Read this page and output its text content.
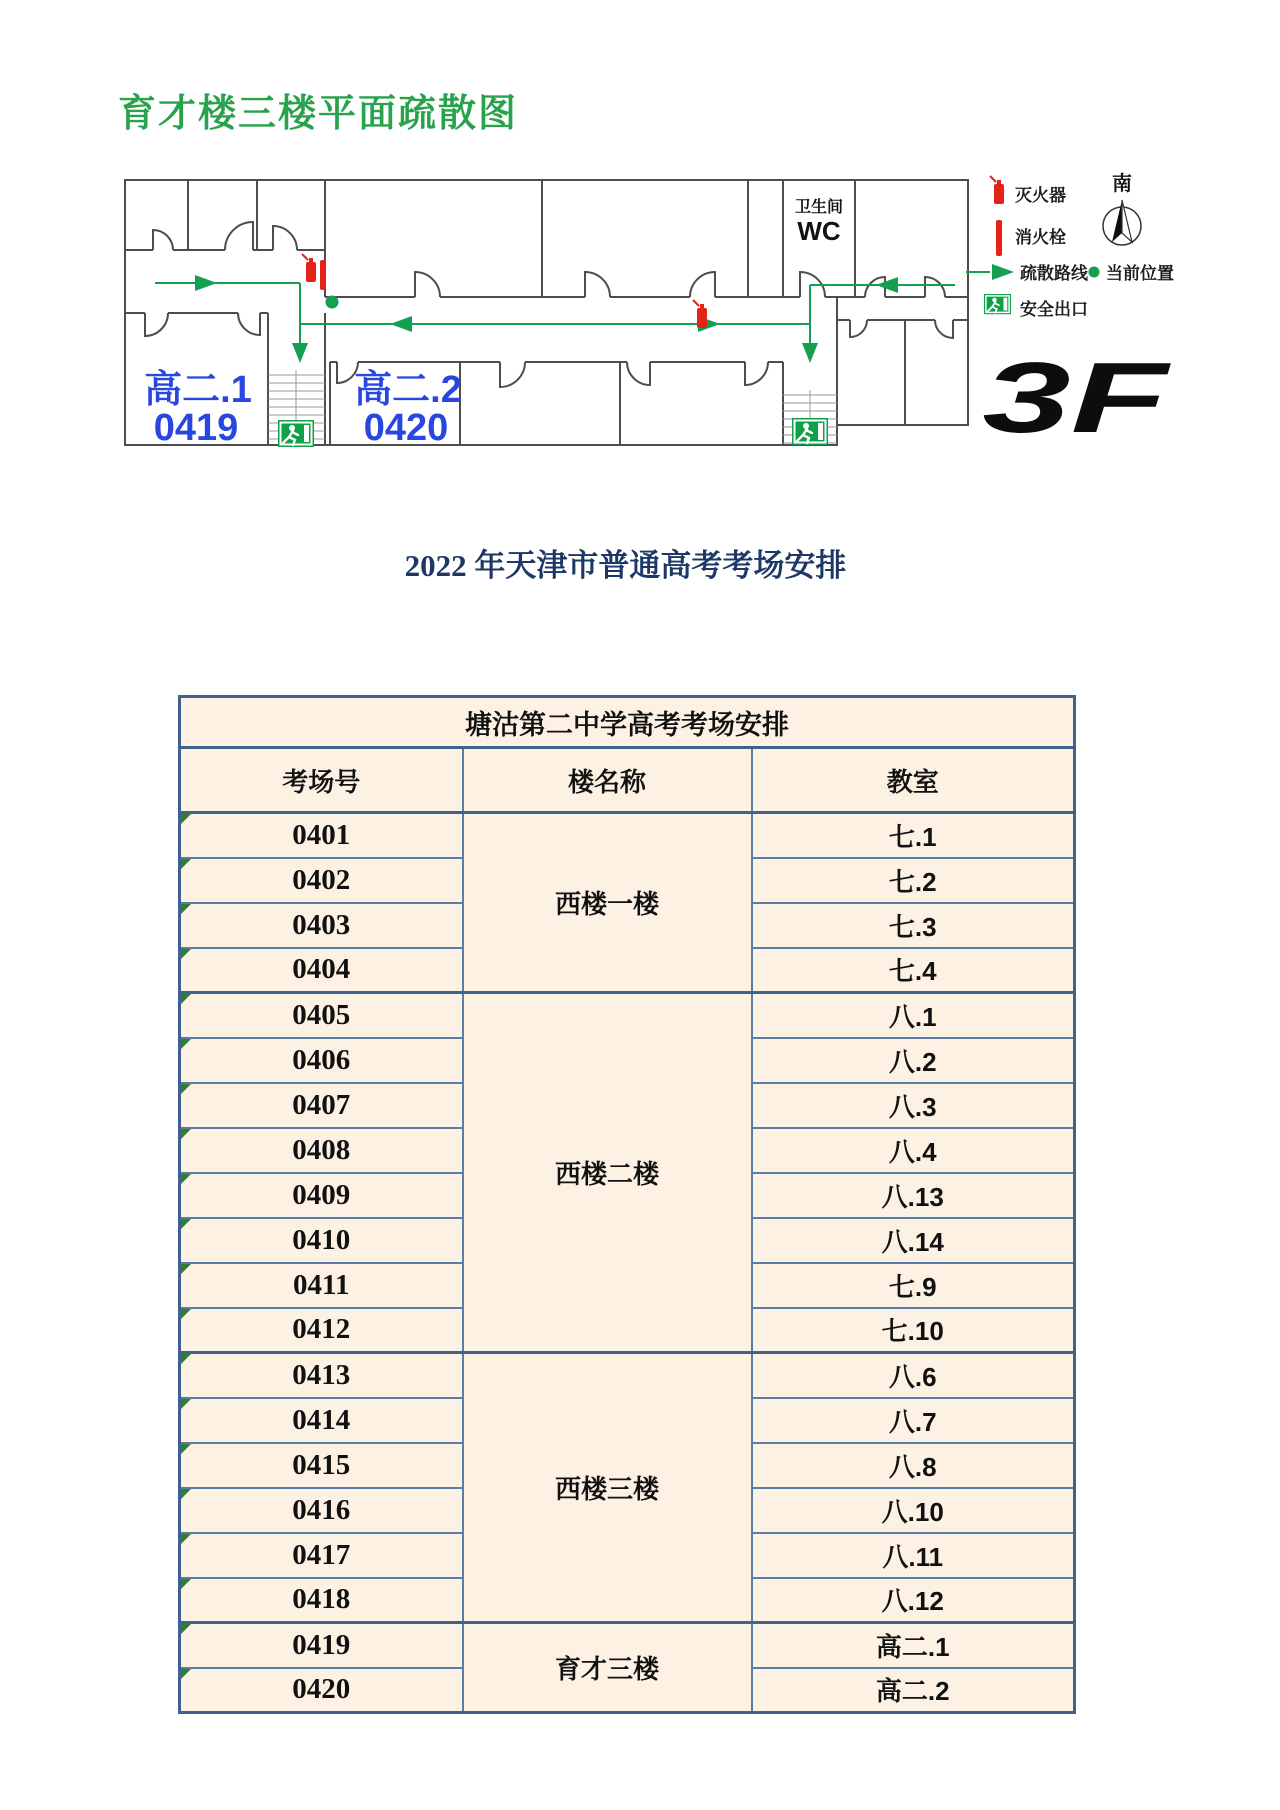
育才楼三楼平面疏散图
卫生间
WC
高二.1
0419
高二.2
0420
灭火器
消火栓
疏散路线 当前位置
安全出口
南
3F
2022 年天津市普通高考考场安排
塘沽第二中学高考考场安排		
考场号	楼名称	教室
0401	西楼一楼	七.1
0402		七.2
0403		七.3
0404		七.4
0405	西楼二楼	八.1
0406		八.2
0407		八.3
0408		八.4
0409		八.13
0410		八.14
0411		七.9
0412		七.10
0413	西楼三楼	八.6
0414		八.7
0415		八.8
0416		八.10
0417		八.11
0418		八.12
0419	育才三楼	高二.1
0420		高二.2
